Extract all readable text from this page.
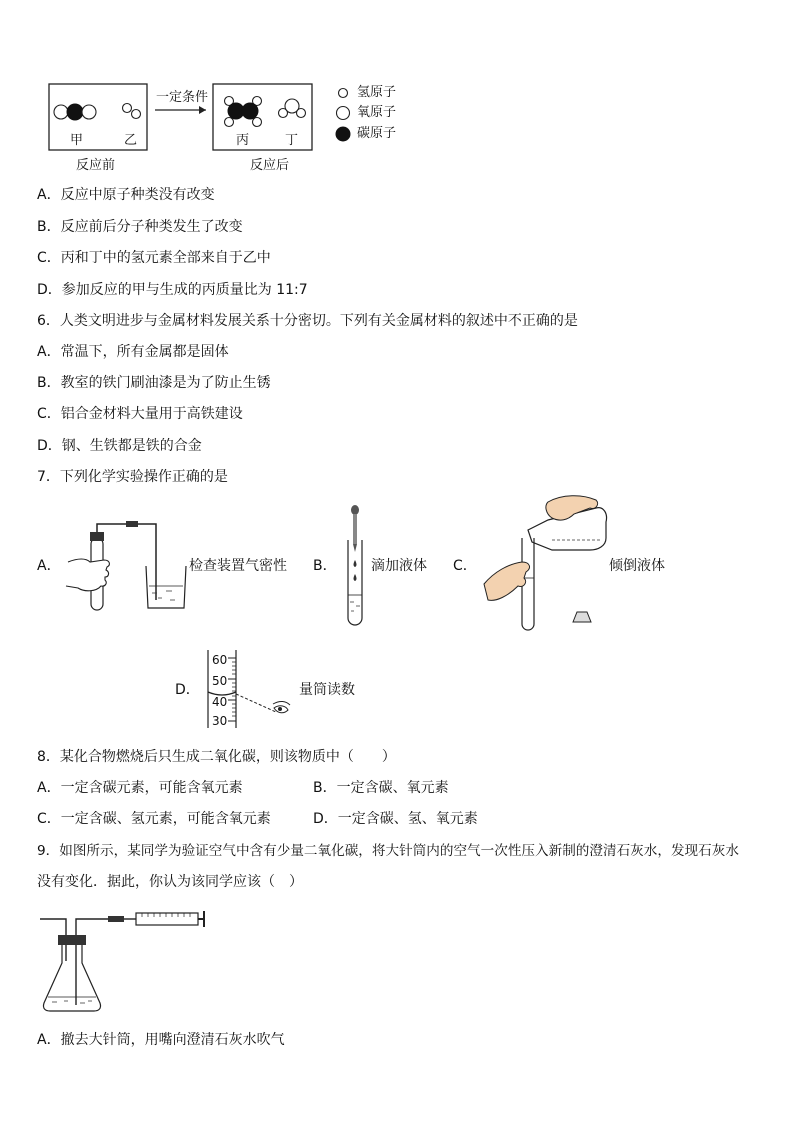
一定条件
甲	乙
反应前
丙	丁
反应后
氢原子
氧原子
碳原子
A．反应中原子种类没有改变
B．反应前后分子种类发生了改变
C．丙和丁中的氢元素全部来自于乙中
D．参加反应的甲与生成的丙质量比为 11:7
6．人类文明进步与金属材料发展关系十分密切。下列有关金属材料的叙述中不正确的是
A．常温下，所有金属都是固体
B．教室的铁门刷油漆是为了防止生锈
C．铝合金材料大量用于高铁建设
D．钢、生铁都是铁的合金
7．下列化学实验操作正确的是
A．	检查装置气密性 B． 滴加液体 C．	倾倒液体
D．
60
50
40
30
量筒读数
8．某化合物燃烧后只生成二氧化碳，则该物质中（　　）
A．一定含碳元素，可能含氧元素	B．一定含碳、氧元素
C．一定含碳、氢元素，可能含氧元素	D．一定含碳、氢、氧元素
9．如图所示，某同学为验证空气中含有少量二氧化碳，将大针筒内的空气一次性压入新制的澄清石灰水，发现石灰水
没有变化．据此，你认为该同学应该（　）
A．撤去大针筒，用嘴向澄清石灰水吹气
